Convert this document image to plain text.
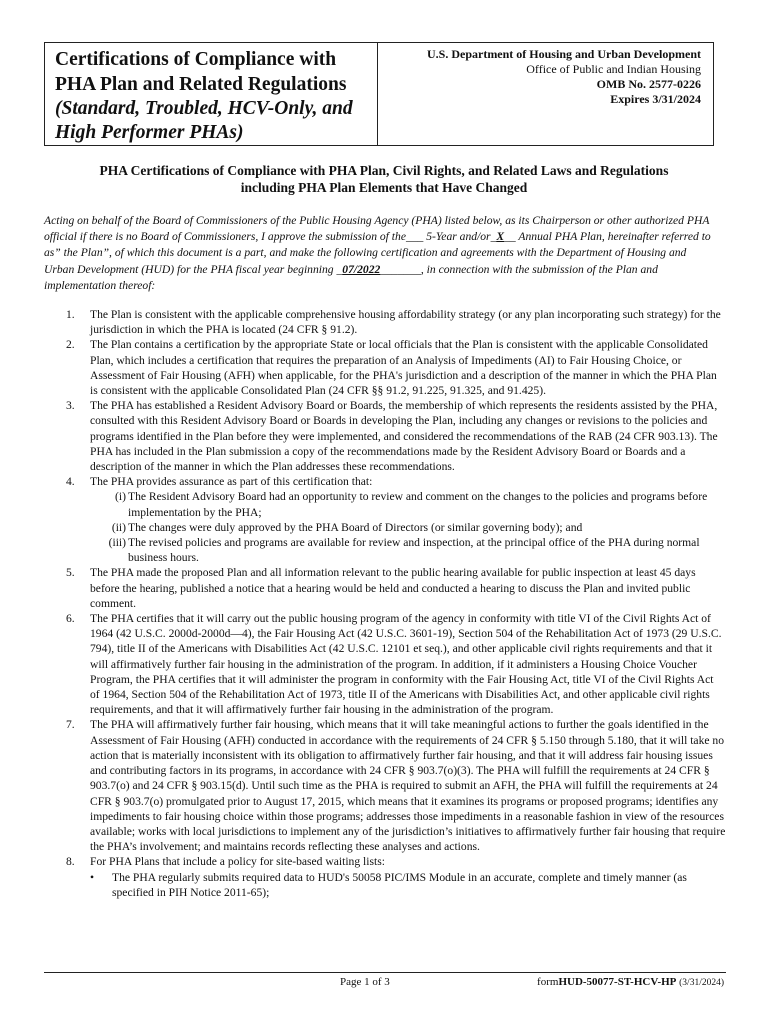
Certifications of Compliance with
PHA Plan and Related Regulations
(Standard, Troubled, HCV-Only, and
High Performer PHAs)
U.S. Department of Housing and Urban Development
Office of Public and Indian Housing
OMB No. 2577-0226
Expires 3/31/2024
PHA Certifications of Compliance with PHA Plan, Civil Rights, and Related Laws and Regulations
including PHA Plan Elements that Have Changed
Acting on behalf of the Board of Commissioners of the Public Housing Agency (PHA) listed below, as its Chairperson or other authorized PHA official if there is no Board of Commissioners, I approve the submission of the___ 5-Year and/or_X__ Annual PHA Plan, hereinafter referred to as” the Plan”, of which this document is a part, and make the following certification and agreements with the Department of Housing and Urban Development (HUD) for the PHA fiscal year beginning _07/2022_______, in connection with the submission of the Plan and implementation thereof:
1. The Plan is consistent with the applicable comprehensive housing affordability strategy (or any plan incorporating such strategy) for the jurisdiction in which the PHA is located (24 CFR § 91.2).
2. The Plan contains a certification by the appropriate State or local officials that the Plan is consistent with the applicable Consolidated Plan, which includes a certification that requires the preparation of an Analysis of Impediments (AI) to Fair Housing Choice, or Assessment of Fair Housing (AFH) when applicable, for the PHA's jurisdiction and a description of the manner in which the PHA Plan is consistent with the applicable Consolidated Plan (24 CFR §§ 91.2, 91.225, 91.325, and 91.425).
3. The PHA has established a Resident Advisory Board or Boards, the membership of which represents the residents assisted by the PHA, consulted with this Resident Advisory Board or Boards in developing the Plan, including any changes or revisions to the policies and programs identified in the Plan before they were implemented, and considered the recommendations of the RAB (24 CFR 903.13). The PHA has included in the Plan submission a copy of the recommendations made by the Resident Advisory Board or Boards and a description of the manner in which the Plan addresses these recommendations.
4. The PHA provides assurance as part of this certification that:
(i) The Resident Advisory Board had an opportunity to review and comment on the changes to the policies and programs before implementation by the PHA;
(ii) The changes were duly approved by the PHA Board of Directors (or similar governing body); and
(iii) The revised policies and programs are available for review and inspection, at the principal office of the PHA during normal business hours.
5. The PHA made the proposed Plan and all information relevant to the public hearing available for public inspection at least 45 days before the hearing, published a notice that a hearing would be held and conducted a hearing to discuss the Plan and invited public comment.
6. The PHA certifies that it will carry out the public housing program of the agency in conformity with title VI of the Civil Rights Act of 1964 (42 U.S.C. 2000d-2000d—4), the Fair Housing Act (42 U.S.C. 3601-19), Section 504 of the Rehabilitation Act of 1973 (29 U.S.C. 794), title II of the Americans with Disabilities Act (42 U.S.C. 12101 et seq.), and other applicable civil rights requirements and that it will affirmatively further fair housing in the administration of the program. In addition, if it administers a Housing Choice Voucher Program, the PHA certifies that it will administer the program in conformity with the Fair Housing Act, title VI of the Civil Rights Act of 1964, Section 504 of the Rehabilitation Act of 1973, title II of the Americans with Disabilities Act, and other applicable civil rights requirements, and that it will affirmatively further fair housing in the administration of the program.
7. The PHA will affirmatively further fair housing, which means that it will take meaningful actions to further the goals identified in the Assessment of Fair Housing (AFH) conducted in accordance with the requirements of 24 CFR § 5.150 through 5.180, that it will take no action that is materially inconsistent with its obligation to affirmatively further fair housing, and that it will address fair housing issues and contributing factors in its programs, in accordance with 24 CFR § 903.7(o)(3). The PHA will fulfill the requirements at 24 CFR § 903.7(o) and 24 CFR § 903.15(d). Until such time as the PHA is required to submit an AFH, the PHA will fulfill the requirements at 24 CFR § 903.7(o) promulgated prior to August 17, 2015, which means that it examines its programs or proposed programs; identifies any impediments to fair housing choice within those programs; addresses those impediments in a reasonable fashion in view of the resources available; works with local jurisdictions to implement any of the jurisdiction’s initiatives to affirmatively further fair housing that require the PHA’s involvement; and maintains records reflecting these analyses and actions.
8. For PHA Plans that include a policy for site-based waiting lists:
• The PHA regularly submits required data to HUD's 50058 PIC/IMS Module in an accurate, complete and timely manner (as specified in PIH Notice 2011-65);
Page 1 of 3	formHUD-50077-ST-HCV-HP (3/31/2024)
